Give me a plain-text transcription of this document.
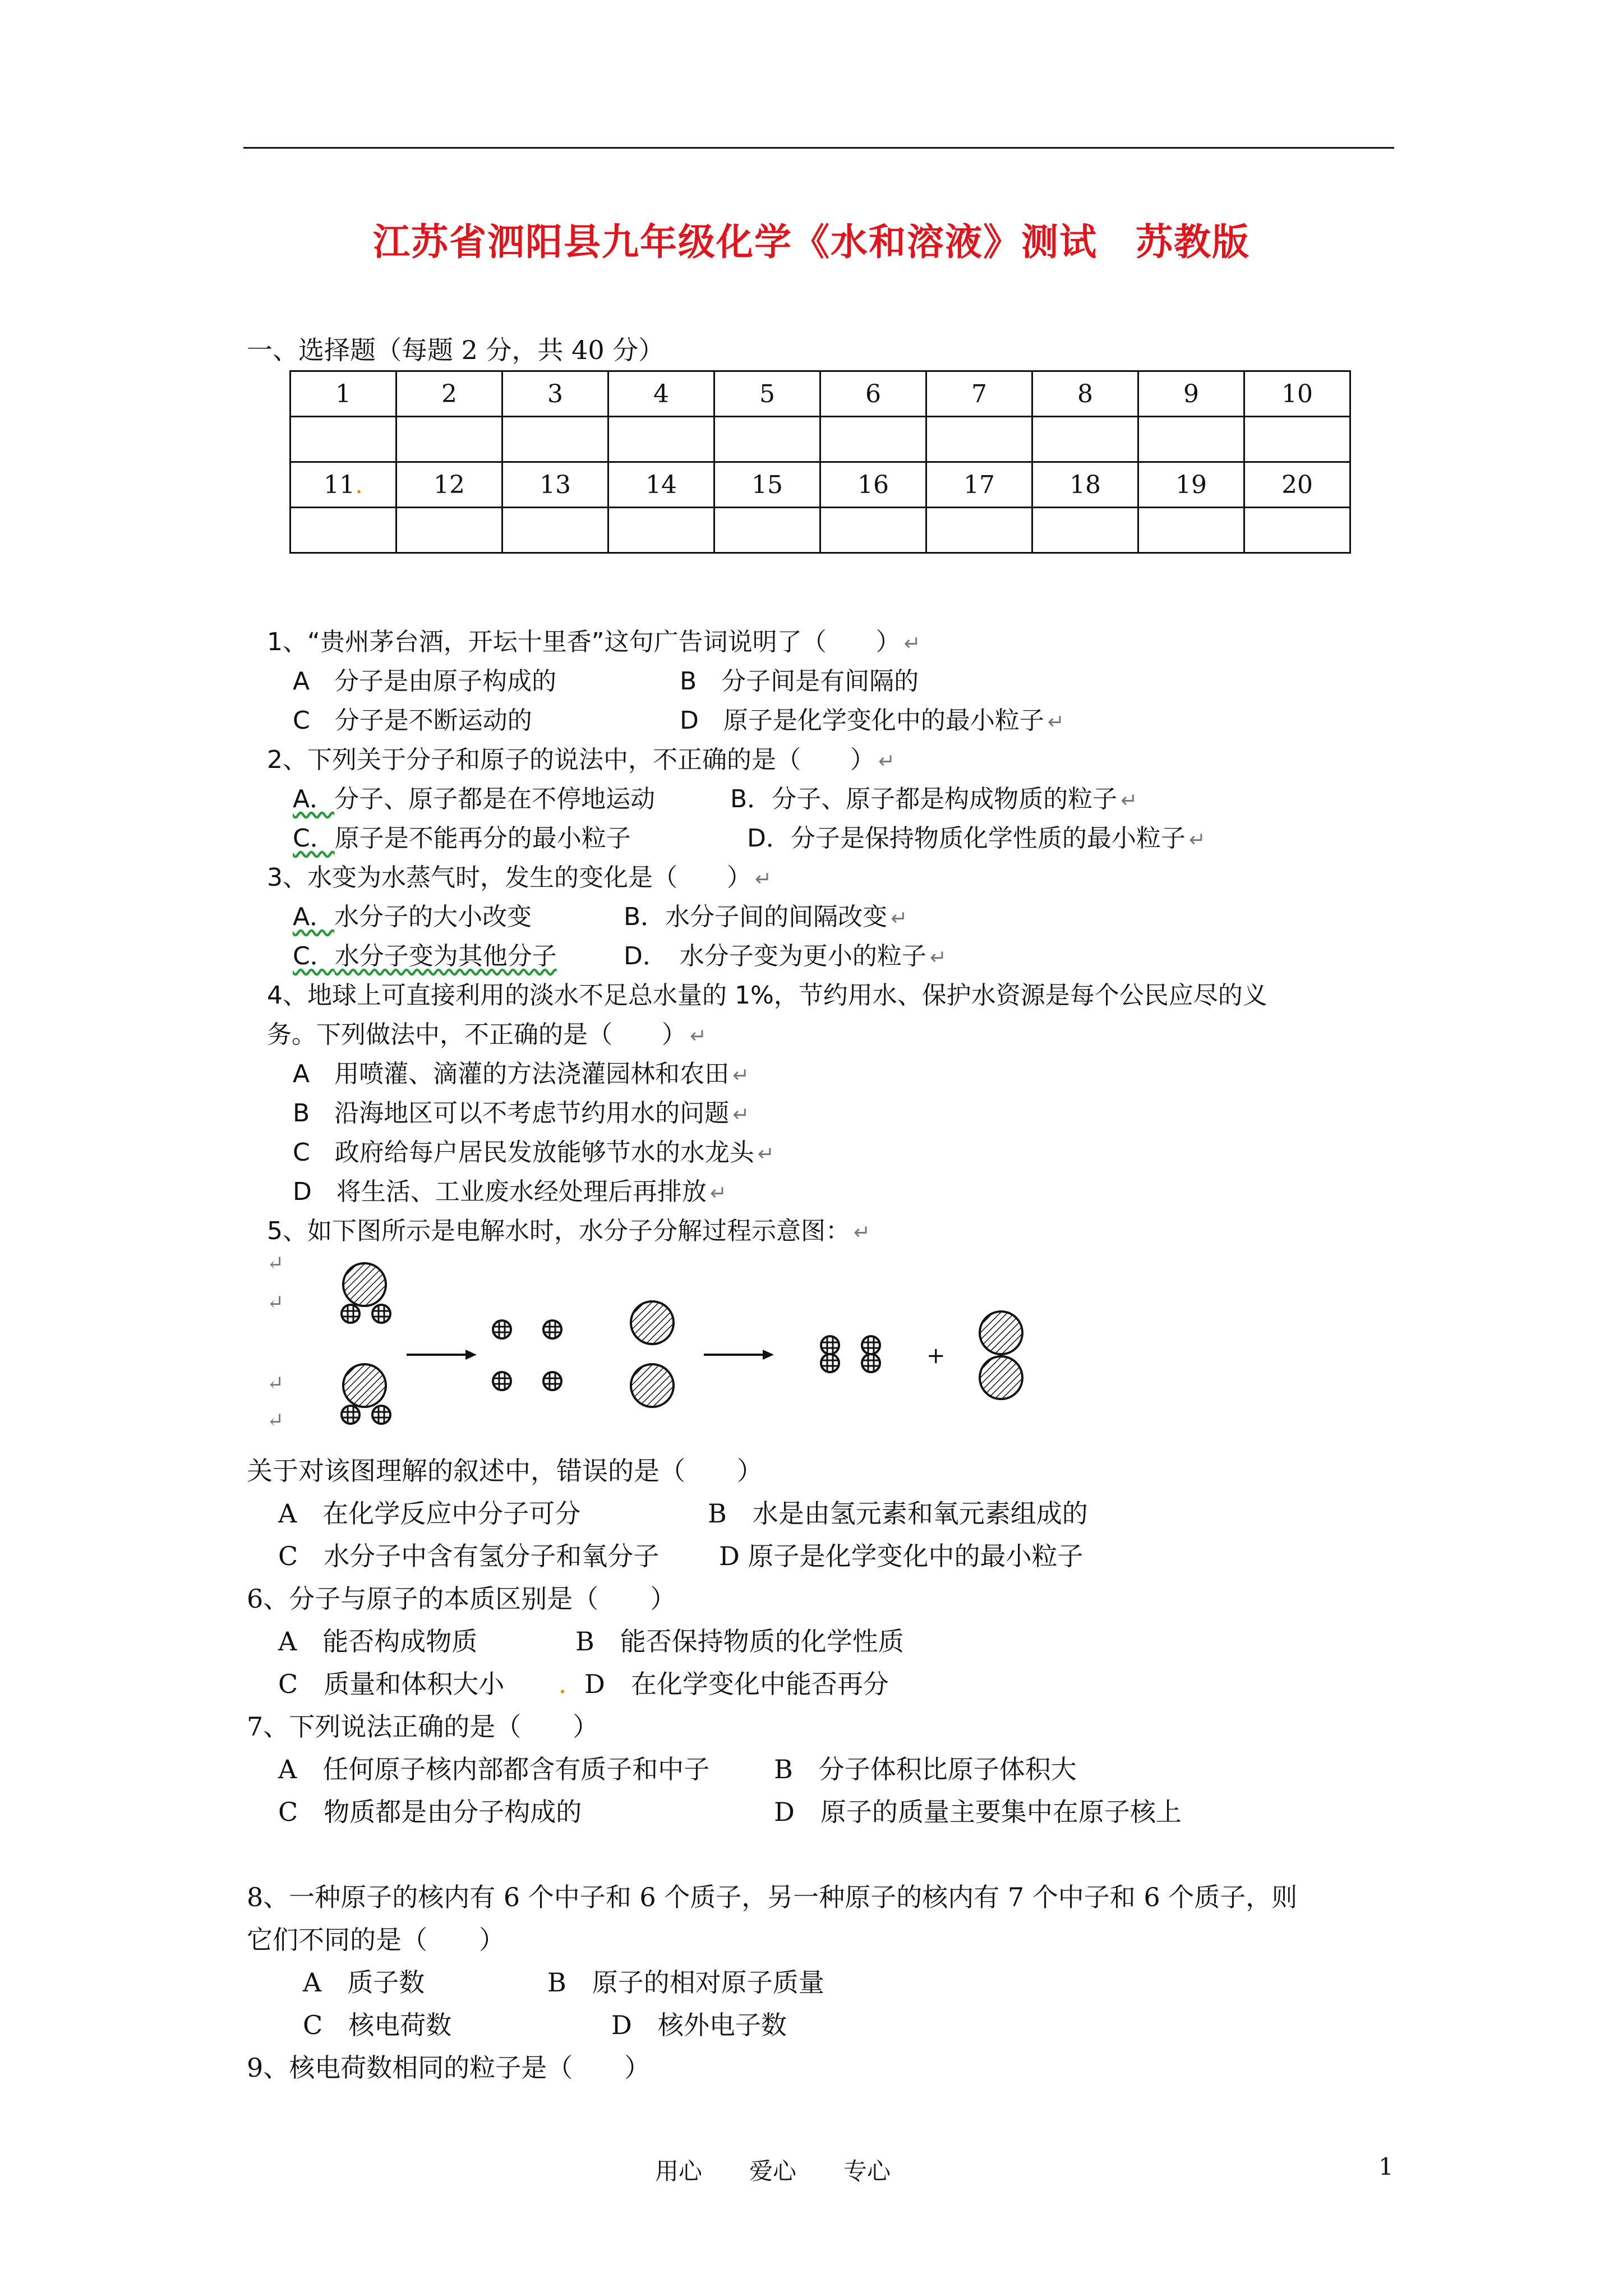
江苏省泗阳县九年级化学《水和溶液》测试　苏教版
一、选择题（每题 2 分，共 40 分）
1	2	3	4	5	6	7	8	9	10

11.	12	13	14	15	16	17	18	19	20

1、“贵州茅台酒，开坛十里香”这句广告词说明了（　　） ↵
A　分子是由原子构成的	B　分子间是有间隔的
C　分子是不断运动的	D　原子是化学变化中的最小粒子 ↵
2、下列关于分子和原子的说法中，不正确的是（　　） ↵
A．分子、原子都是在不停地运动	B．分子、原子都是构成物质的粒子 ↵
C．原子是不能再分的最小粒子	D．分子是保持物质化学性质的最小粒子 ↵
3、水变为水蒸气时，发生的变化是（　　） ↵
A．水分子的大小改变	B．水分子间的间隔改变 ↵
C．水分子变为其他分子	D．　水分子变为更小的粒子 ↵
4、地球上可直接利用的淡水不足总水量的 1%，节约用水、保护水资源是每个公民应尽的义
务。下列做法中，不正确的是（　　） ↵
A　用喷灌、滴灌的方法浇灌园林和农田 ↵
B　沿海地区可以不考虑节约用水的问题 ↵
C　政府给每户居民发放能够节水的水龙头 ↵
D　将生活、工业废水经处理后再排放 ↵
5、如下图所示是电解水时，水分子分解过程示意图： ↵
↵
↵
↵
↵
+
关于对该图理解的叙述中，错误的是（　　）
A　在化学反应中分子可分	B　水是由氢元素和氧元素组成的
C　水分子中含有氢分子和氧分子 D 原子是化学变化中的最小粒子
6、分子与原子的本质区别是（　　）
A　能否构成物质	B　能否保持物质的化学性质
C　质量和体积大小 ．D　在化学变化中能否再分
7、下列说法正确的是（　　）
A　任何原子核内部都含有质子和中子 B　分子体积比原子体积大
C　物质都是由分子构成的	D　原子的质量主要集中在原子核上
8、一种原子的核内有 6 个中子和 6 个质子，另一种原子的核内有 7 个中子和 6 个质子，则
它们不同的是（　　）
A　质子数	B　原子的相对原子质量
C　核电荷数	D　核外电子数
9、核电荷数相同的粒子是（　　）
用心　　爱心　　专心	1
